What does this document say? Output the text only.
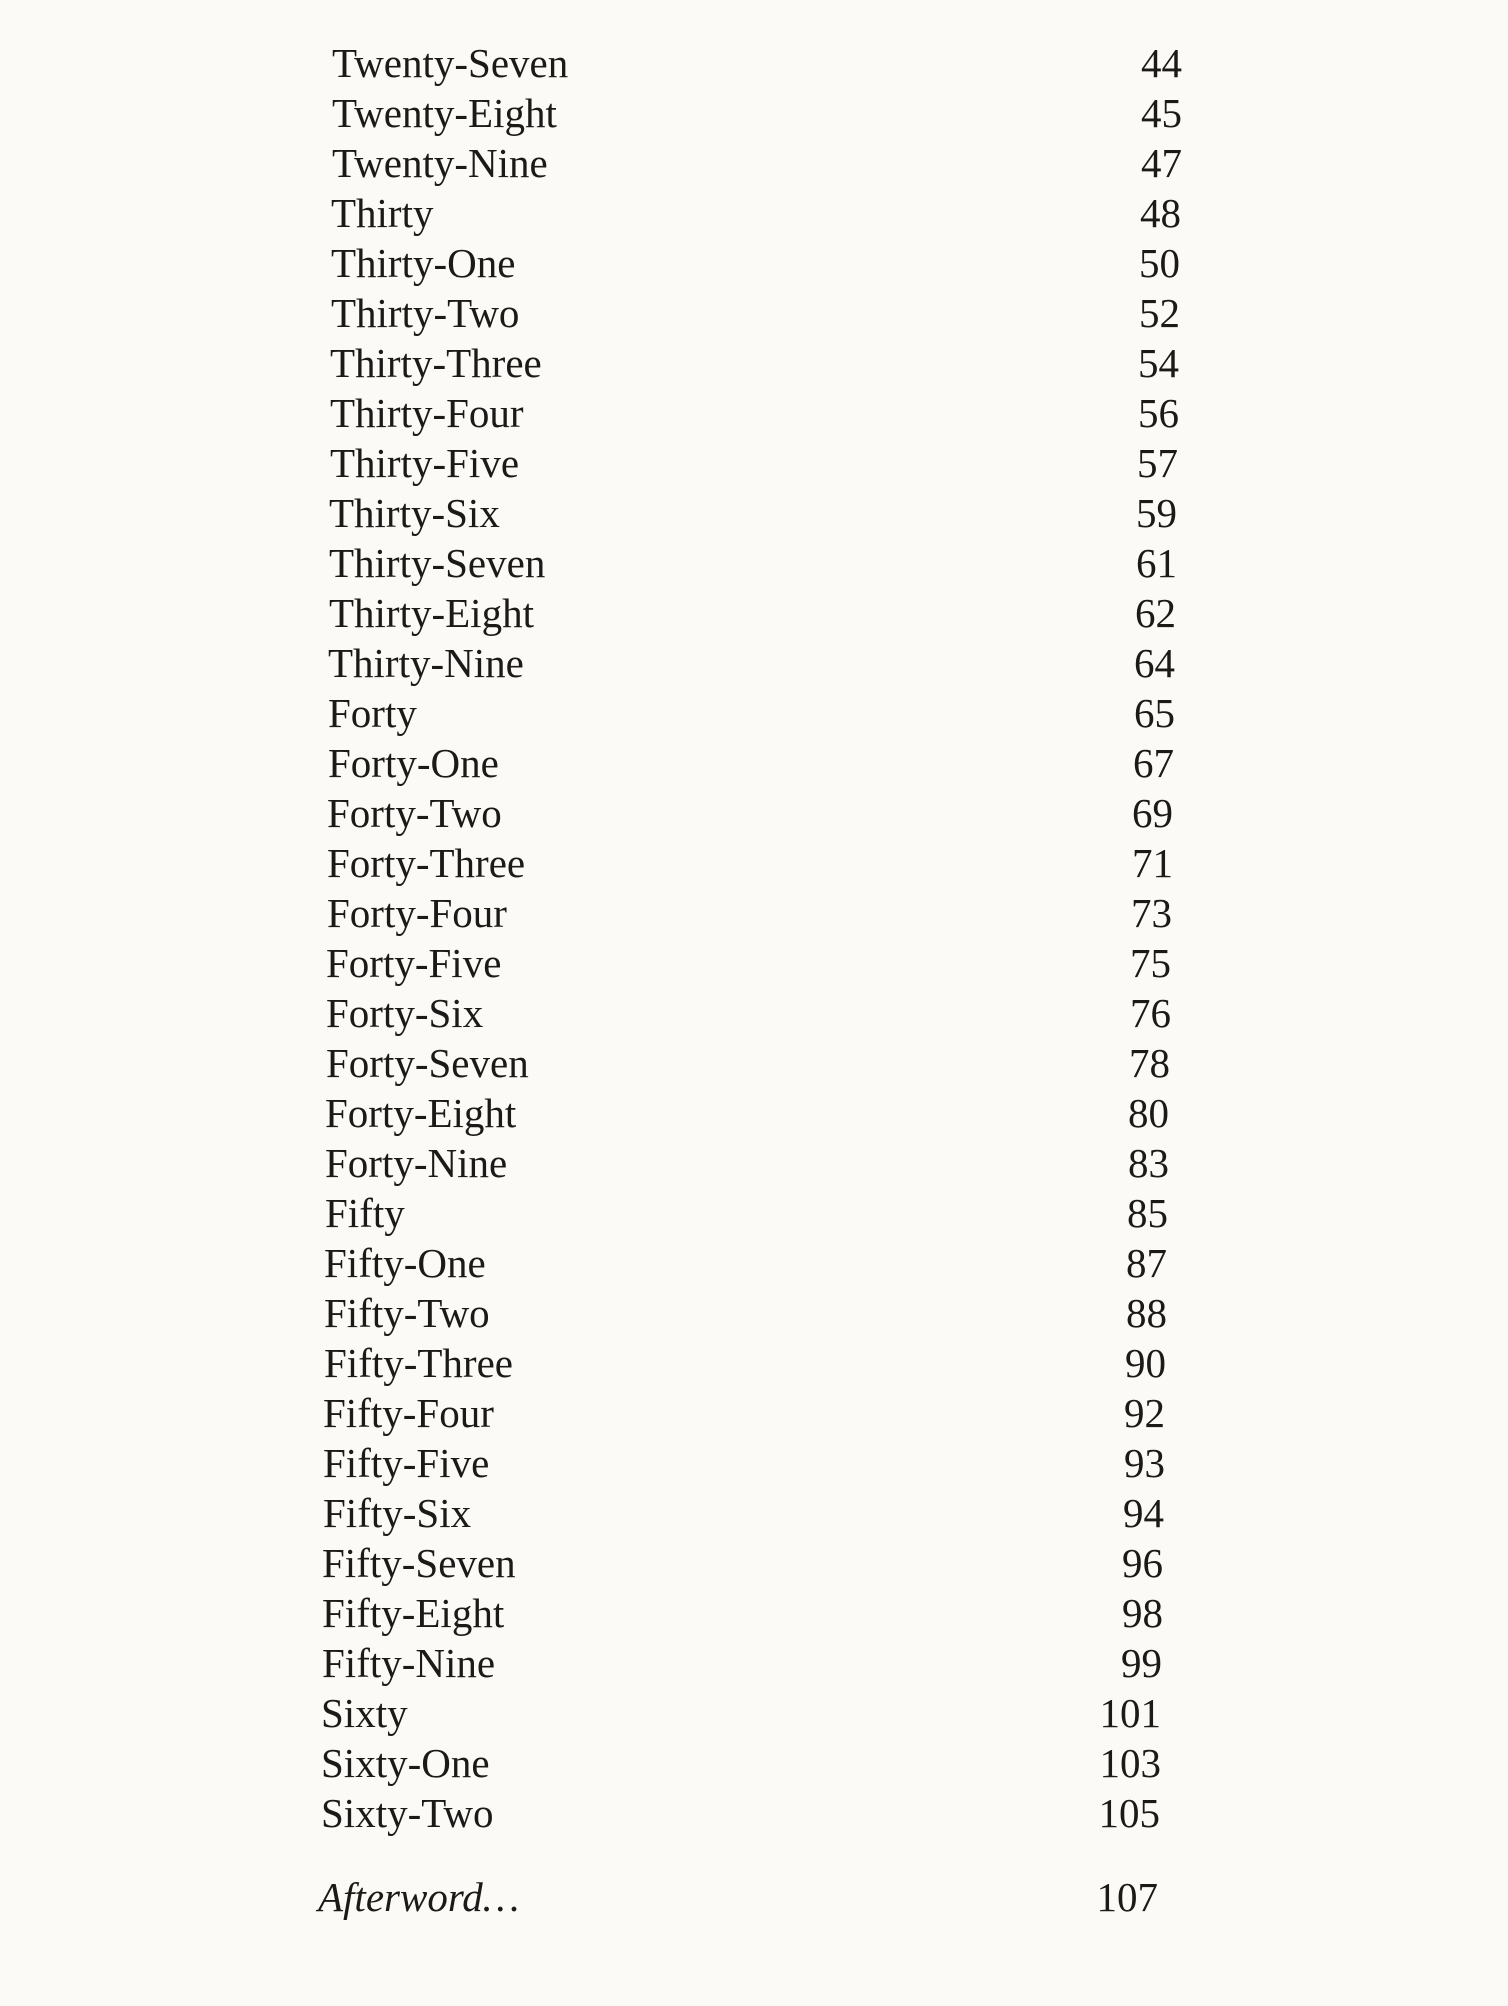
Twenty-Seven	44
Twenty-Eight	45
Twenty-Nine	47
Thirty	48
Thirty-One	50
Thirty-Two	52
Thirty-Three	54
Thirty-Four	56
Thirty-Five	57
Thirty-Six	59
Thirty-Seven	61
Thirty-Eight	62
Thirty-Nine	64
Forty	65
Forty-One	67
Forty-Two	69
Forty-Three	71
Forty-Four	73
Forty-Five	75
Forty-Six	76
Forty-Seven	78
Forty-Eight	80
Forty-Nine	83
Fifty	85
Fifty-One	87
Fifty-Two	88
Fifty-Three	90
Fifty-Four	92
Fifty-Five	93
Fifty-Six	94
Fifty-Seven	96
Fifty-Eight	98
Fifty-Nine	99
Sixty	101
Sixty-One	103
Sixty-Two	105
Afterword…	107
